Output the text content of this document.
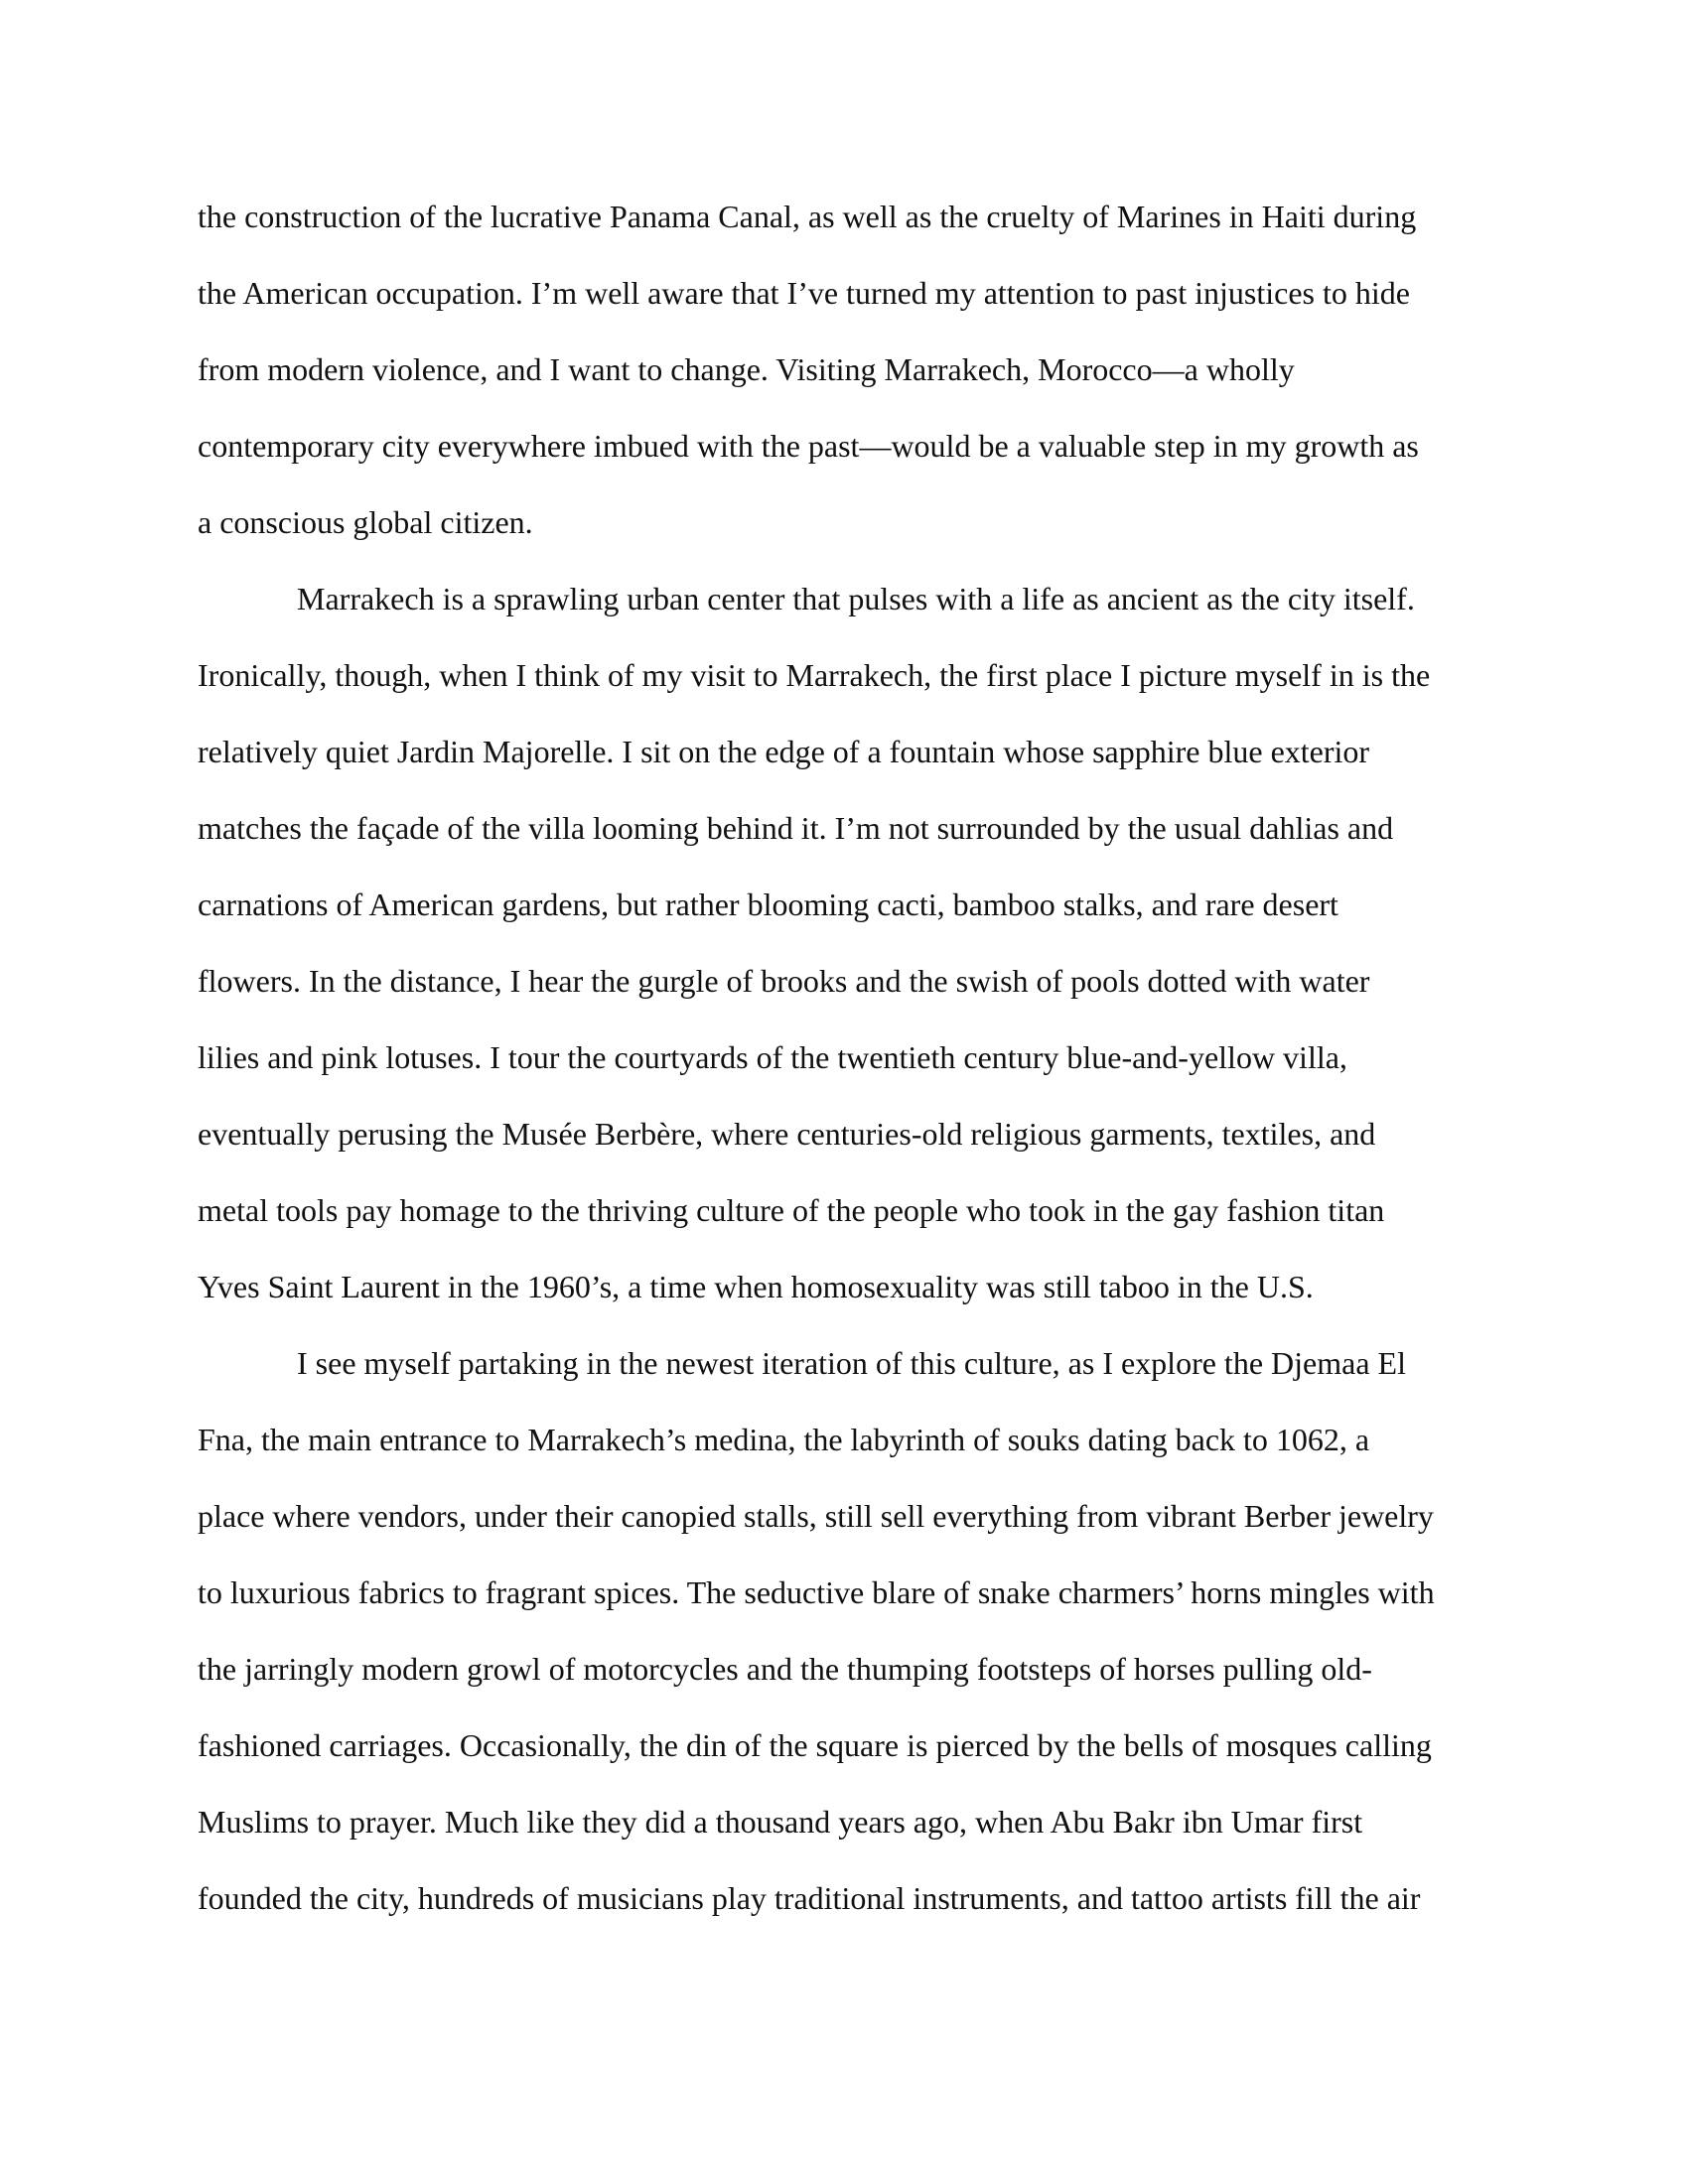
the construction of the lucrative Panama Canal, as well as the cruelty of Marines in Haiti during

the American occupation. I’m well aware that I’ve turned my attention to past injustices to hide

from modern violence, and I want to change. Visiting Marrakech, Morocco—a wholly

contemporary city everywhere imbued with the past—would be a valuable step in my growth as

a conscious global citizen.

Marrakech is a sprawling urban center that pulses with a life as ancient as the city itself.

Ironically, though, when I think of my visit to Marrakech, the first place I picture myself in is the

relatively quiet Jardin Majorelle. I sit on the edge of a fountain whose sapphire blue exterior

matches the façade of the villa looming behind it. I’m not surrounded by the usual dahlias and

carnations of American gardens, but rather blooming cacti, bamboo stalks, and rare desert

flowers. In the distance, I hear the gurgle of brooks and the swish of pools dotted with water

lilies and pink lotuses. I tour the courtyards of the twentieth century blue-and-yellow villa,

eventually perusing the Musée Berbère, where centuries-old religious garments, textiles, and

metal tools pay homage to the thriving culture of the people who took in the gay fashion titan

Yves Saint Laurent in the 1960’s, a time when homosexuality was still taboo in the U.S.

I see myself partaking in the newest iteration of this culture, as I explore the Djemaa El

Fna, the main entrance to Marrakech’s medina, the labyrinth of souks dating back to 1062, a

place where vendors, under their canopied stalls, still sell everything from vibrant Berber jewelry

to luxurious fabrics to fragrant spices. The seductive blare of snake charmers’ horns mingles with

the jarringly modern growl of motorcycles and the thumping footsteps of horses pulling old-

fashioned carriages. Occasionally, the din of the square is pierced by the bells of mosques calling

Muslims to prayer. Much like they did a thousand years ago, when Abu Bakr ibn Umar first

founded the city, hundreds of musicians play traditional instruments, and tattoo artists fill the air
